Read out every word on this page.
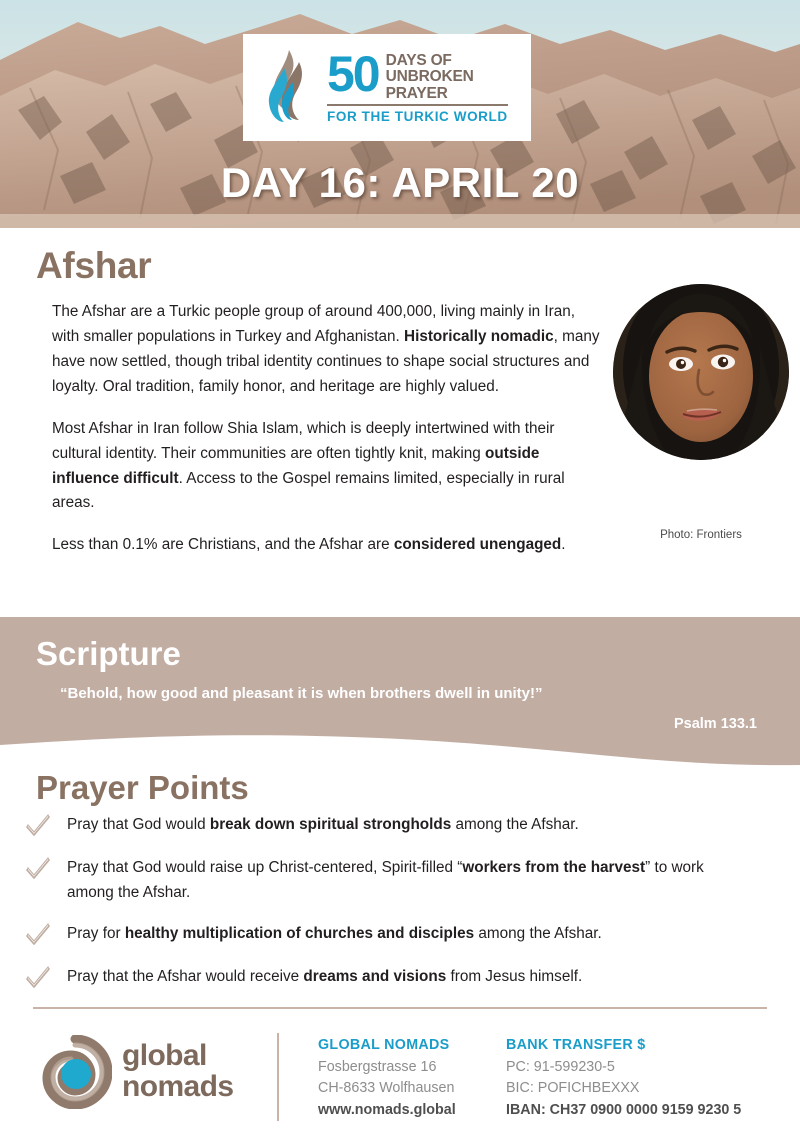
50 DAYS OF
UNBROKEN
PRAYER
FOR THE TURKIC WORLD
DAY 16: APRIL 20
Afshar

The Afshar are a Turkic people group of around 400,000, living mainly in Iran, with smaller populations in Turkey and Afghanistan. Historically nomadic, many have now settled, though tribal identity continues to shape social structures and loyalty. Oral tradition, family honor, and heritage are highly valued.

Most Afshar in Iran follow Shia Islam, which is deeply intertwined with their cultural identity. Their communities are often tightly knit, making outside influence difficult. Access to the Gospel remains limited, especially in rural areas.

Less than 0.1% are Christians, and the Afshar are considered unengaged.

Photo: Frontiers
Scripture
“Behold, how good and pleasant it is when brothers dwell in unity!”
Psalm 133.1
Prayer Points
Pray that God would break down spiritual strongholds among the Afshar.
Pray that God would raise up Christ-centered, Spirit-filled “workers from the harvest” to work among the Afshar.
Pray for healthy multiplication of churches and disciples among the Afshar.
Pray that the Afshar would receive dreams and visions from Jesus himself.
global
nomads
GLOBAL NOMADS
Fosbergstrasse 16
CH-8633 Wolfhausen
www.nomads.global
BANK TRANSFER $
PC: 91-599230-5
BIC: POFICHBEXXX
IBAN: CH37 0900 0000 9159 9230 5
